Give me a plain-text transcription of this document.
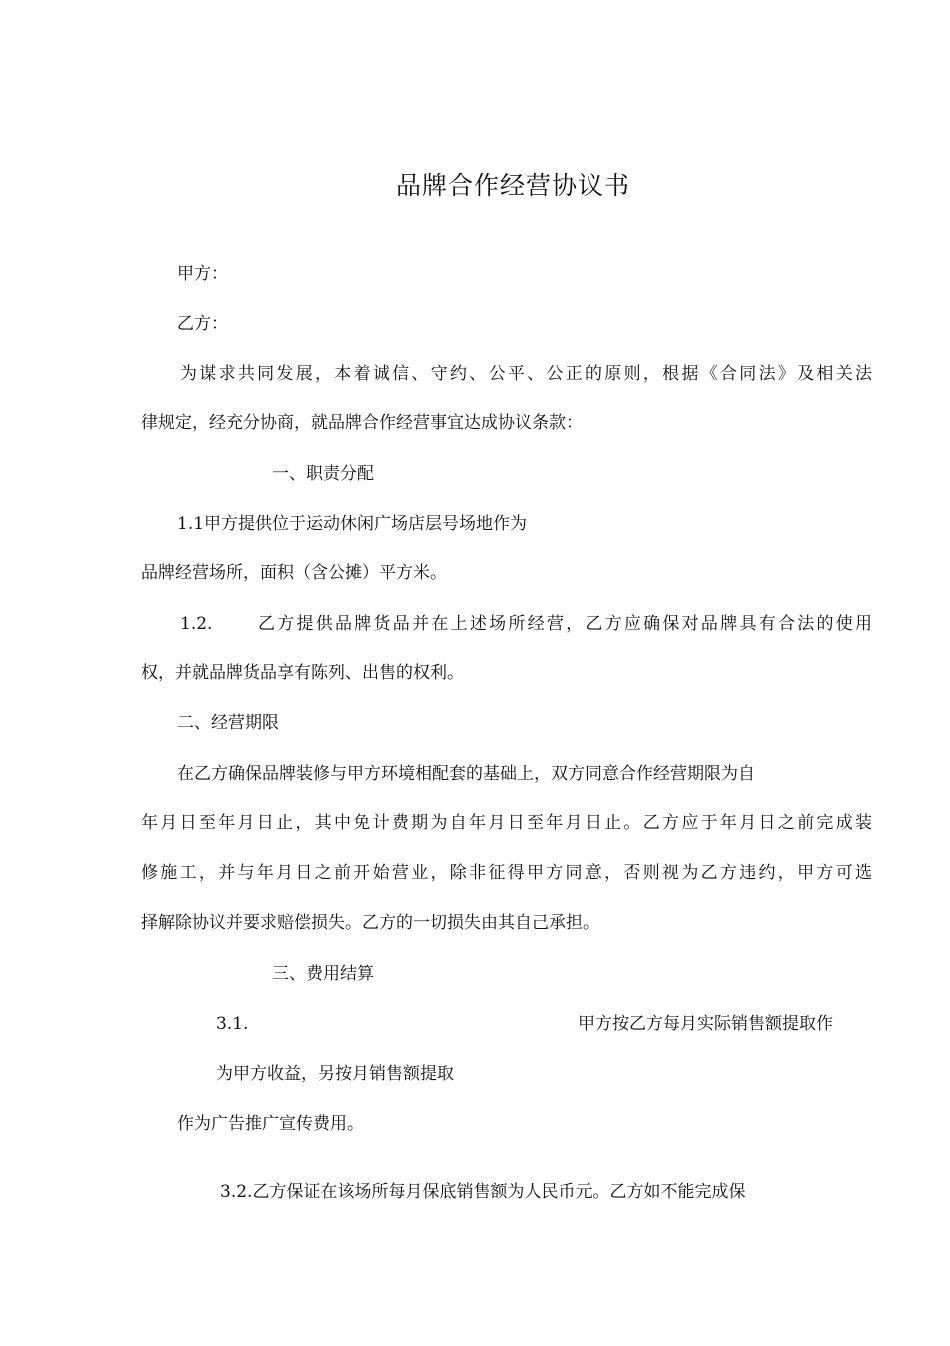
品牌合作经营协议书
甲方：
乙方：
为谋求共同发展，本着诚信、守约、公平、公正的原则，根据《合同法》及相关法
律规定，经充分协商，就品牌合作经营事宜达成协议条款：
一、职责分配
1.1甲方提供位于运动休闲广场店层号场地作为
品牌经营场所，面积（含公摊）平方米。
1.2.	乙方提供品牌货品并在上述场所经营，乙方应确保对品牌具有合法的使用
权，并就品牌货品享有陈列、出售的权利。
二、经营期限
在乙方确保品牌装修与甲方环境相配套的基础上，双方同意合作经营期限为自
年月日至年月日止，其中免计费期为自年月日至年月日止。乙方应于年月日之前完成装
修施工，并与年月日之前开始营业，除非征得甲方同意，否则视为乙方违约，甲方可选
择解除协议并要求赔偿损失。乙方的一切损失由其自己承担。
三、费用结算
3.1.	甲方按乙方每月实际销售额提取作
为甲方收益，另按月销售额提取
作为广告推广宣传费用。
3.2.乙方保证在该场所每月保底销售额为人民币元。乙方如不能完成保
